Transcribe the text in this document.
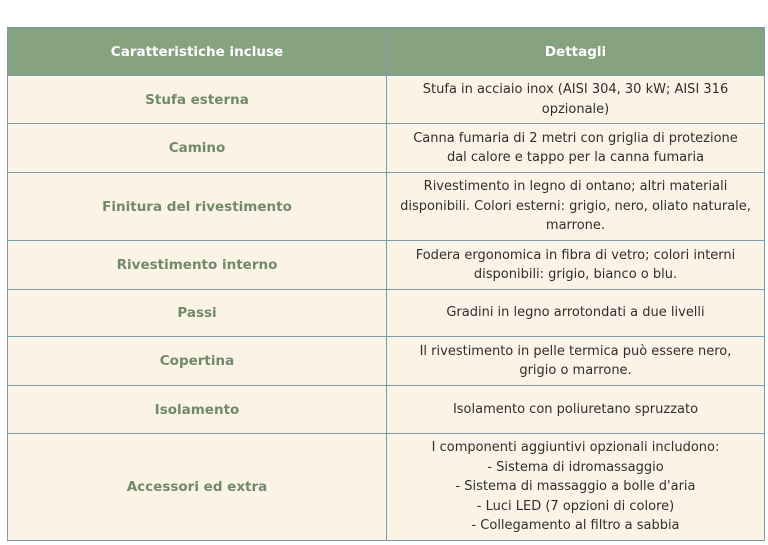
Caratteristiche incluse	Dettagli
Stufa esterna	Stufa in acciaio inox (AISI 304, 30 kW; AISI 316
opzionale)

Camino	Canna fumaria di 2 metri con griglia di protezione
dal calore e tappo per la canna fumaria

Finitura del rivestimento	Rivestimento in legno di ontano; altri materiali
disponibili. Colori esterni: grigio, nero, oliato naturale,
marrone.

Rivestimento interno	Fodera ergonomica in fibra di vetro; colori interni
disponibili: grigio, bianco o blu.

Passi	Gradini in legno arrotondati a due livelli

Copertina	Il rivestimento in pelle termica può essere nero,
grigio o marrone.

Isolamento	Isolamento con poliuretano spruzzato

Accessori ed extra	I componenti aggiuntivi opzionali includono:
- Sistema di idromassaggio
- Sistema di massaggio a bolle d'aria
- Luci LED (7 opzioni di colore)
- Collegamento al filtro a sabbia
